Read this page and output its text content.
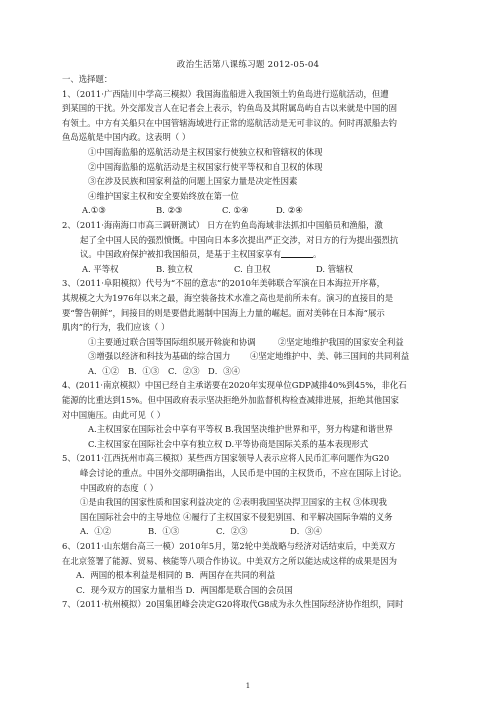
政治生活第八课练习题 2012-05-04
一、选择题：
1、（2011·广西陆川中学高三模拟）我国海监船进入我国领土钓鱼岛进行巡航活动，但遭
到某国的干扰。外交部发言人在记者会上表示，钓鱼岛及其附属岛屿自古以来就是中国的固
有领土。中方有关船只在中国管辖海域进行正常的巡航活动是无可非议的。何时再派船去钓
鱼岛巡航是中国内政。这表明（ ）
①中国海监船的巡航活动是主权国家行使独立权和管辖权的体现
②中国海监船的巡航活动是主权国家行使平等权和自卫权的体现
③在涉及民族和国家利益的问题上国家力量是决定性因素
④维护国家主权和安全要始终放在第一位
A.①③	B. ②③	C. ①④	D. ②④
2、（2011·海南海口市高三调研测试） 日方在钓鱼岛海域非法抓扣中国船员和渔船，激
起了全中国人民的强烈愤慨。中国向日本多次提出严正交涉，对日方的行为提出强烈抗
议。中国政府保护被扣我国船员，是基于主权国家享有	。
A. 平等权	B. 独立权	C. 自卫权	D. 管辖权
3、（2011·阜阳模拟）代号为“不屈的意志”的2010年美韩联合军演在日本海拉开序幕，
其规模之大为1976年以来之最，海空装备技术水准之高也是前所未有。演习的直接目的是
要“警告朝鲜”，间接目的则是要借此遏制中国海上力量的崛起。面对美韩在日本海“展示
肌肉”的行为，我们应该（ ）
①主要通过联合国等国际组织展开斡旋和协调	②坚定地维护我国的国家安全利益
③增强以经济和科技为基础的综合国力	④坚定地维护中、美、韩三国间的共同利益
A．①②	B．①③	C．②③	D．③④
4、(2011·南京模拟）中国已经自主承诺要在2020年实现单位GDP减排40%到45%，非化石
能源的比重达到15%。但中国政府表示坚决拒绝外加监督机构检查减排进展，拒绝其他国家
对中国施压。由此可见（ ）
A.主权国家在国际社会中享有平等权 B.我国坚决维护世界和平，努力构建和谐世界
C.主权国家在国际社会中享有独立权 D.平等协商是国际关系的基本表现形式
5、（2011·江西抚州市高三模拟）某些西方国家领导人表示应将人民币汇率问题作为G20
峰会讨论的重点。中国外交部明确指出，人民币是中国的主权货币，不应在国际上讨论。
中国政府的态度（ ）
①是由我国的国家性质和国家利益决定的 ②表明我国坚决捍卫国家的主权 ③体现我
国在国际社会中的主导地位 ④履行了主权国家不侵犯别国、和平解决国际争端的义务
A．①②	B．①③	C．②③	D．③④
6、（2011·山东烟台高三一模）2010年5月，第2轮中美战略与经济对话结束后，中美双方
在北京签署了能源、贸易、核能等八项合作协议。中美双方之所以能达成这样的成果是因为
A．两国的根本利益是相同的 B．两国存在共同的利益
C．现今双方的国家力量相当 D．两国都是联合国的会员国
7、（2011·杭州模拟）20国集团峰会决定G20将取代G8成为永久性国际经济协作组织，同时
1
